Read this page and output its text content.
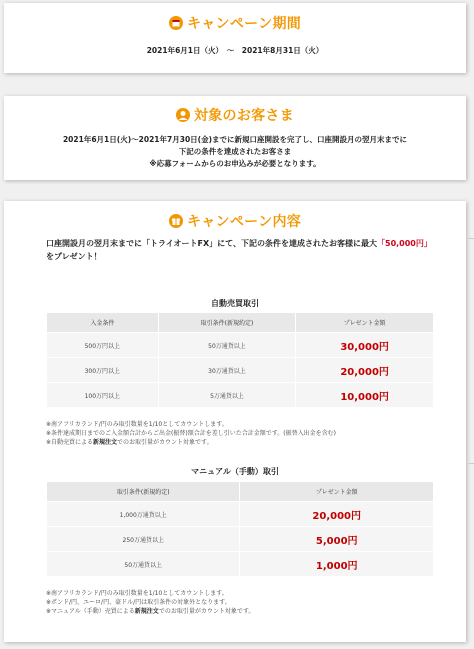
キャンペーン期間
2021年6月1日（火）　～　2021年8月31日（火）
対象のお客さま
2021年6月1日(火)～2021年7月30日(金)までに新規口座開設を完了し、口座開設月の翌月末までに
下記の条件を達成されたお客さま
※応募フォームからのお申込みが必要となります。
キャンペーン内容
口座開設月の翌月末までに「トライオートFX」にて、下記の条件を達成されたお客様に最大「50,000円」をプレゼント！
自動売買取引
入金条件	取引条件(新規約定)	プレゼント金額
500万円以上	50万通貨以上	30,000円
300万円以上	30万通貨以上	20,000円
100万円以上	5万通貨以上	10,000円
※南アフリカランド/円のみ取引数量を1/10としてカウントします。
※条件達成期日までのご入金額合計からご出金(振替)額合計を差し引いた合計金額です。(振替入出金を含む)
※自動売買による新規注文でのお取引量がカウント対象です。
マニュアル（手動）取引
取引条件(新規約定)	プレゼント金額
1,000万通貨以上	20,000円
250万通貨以上	5,000円
50万通貨以上	1,000円
※南アフリカランド/円のみ取引数量を1/10としてカウントします。
※ポンド/円、ユーロ/円、豪ドル/円は取引条件の対象外となります。
※マニュアル（手動）売買による新規注文でのお取引量がカウント対象です。
